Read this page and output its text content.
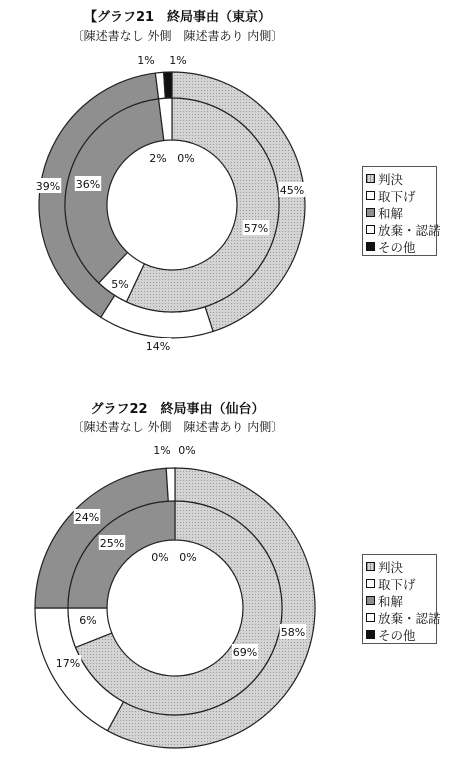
【グラフ21　終局事由（東京）
〔陳述書なし 外側　陳述書あり 内側〕
45%
14%
39%
1% 1%
57%
5%
36%
2% 0%
判決
取下げ
和解
放棄・認諾
その他
グラフ22　終局事由（仙台）
〔陳述書なし 外側　陳述書あり 内側〕
58%
17%
24%
1% 0%
69%
6%
25%
0% 0%
判決
取下げ
和解
放棄・認諾
その他
